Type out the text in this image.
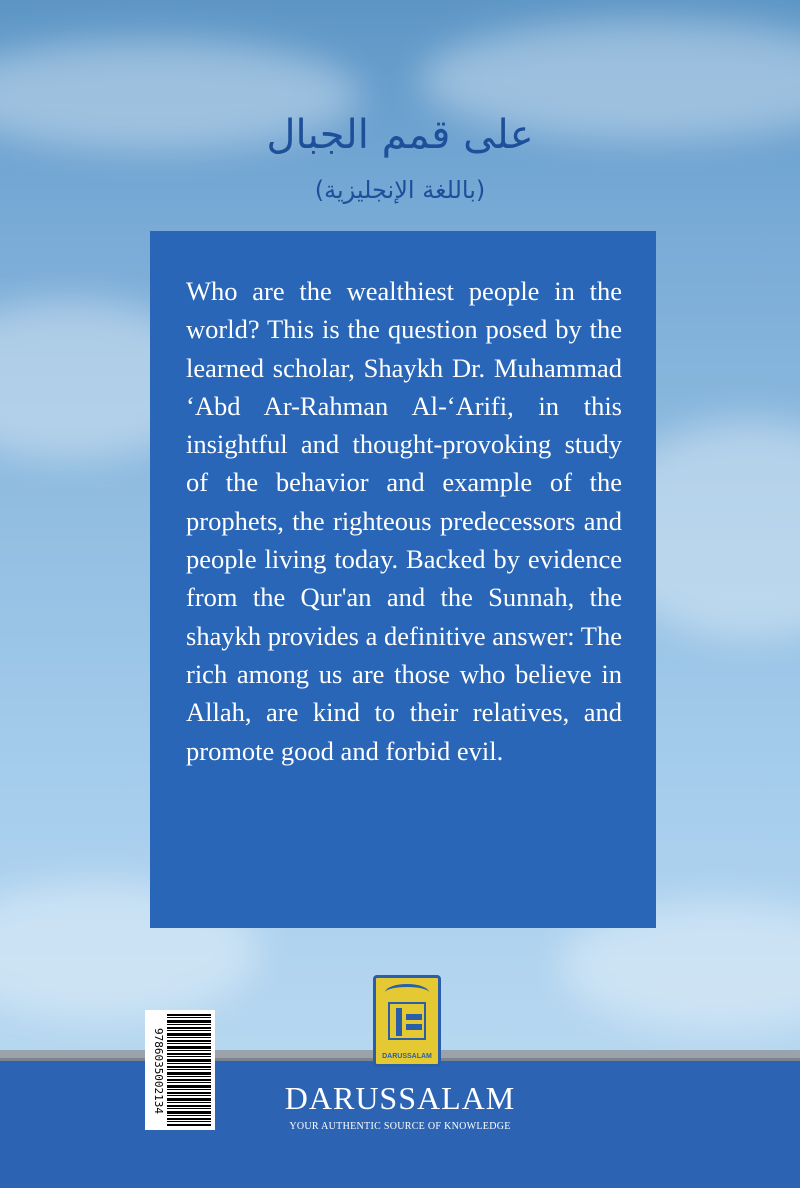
على قمم الجبال
(باللغة الإنجليزية)

Who are the wealthiest people in the world? This is the question posed by the learned scholar, Shaykh Dr. Muhammad ‘Abd Ar-Rahman Al-‘Arifi, in this insightful and thought-provoking study of the behavior and example of the prophets, the righteous predecessors and people living today. Backed by evidence from the Qur'an and the Sunnah, the shaykh provides a definitive answer: The rich among us are those who believe in Allah, are kind to their relatives, and promote good and forbid evil.

DARUSSALAM
DARUSSALAM
YOUR AUTHENTIC SOURCE OF KNOWLEDGE
9786035002134
